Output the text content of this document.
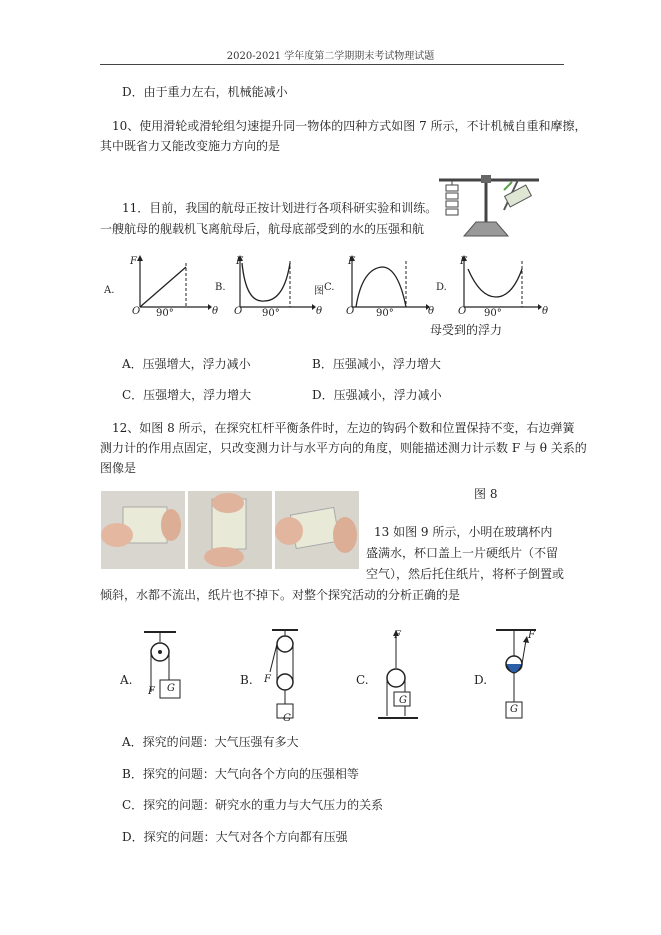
2020-2021 学年度第二学期期末考试物理试题
D．由于重力左右，机械能减小
10、使用滑轮或滑轮组匀速提升同一物体的四种方式如图 7 所示，不计机械自重和摩擦，
其中既省力又能改变施力方向的是
11．目前，我国的航母正按计划进行各项科研实验和训练。
一艘航母的舰载机飞离航母后，航母底部受到的水的压强和航
A.
F
O 90°	θ
B.
F
O 90°	θ
图 C.
F
O 90°	θ
D.
F
O 90°	θ
母受到的浮力
A．压强增大，浮力减小	B．压强减小，浮力增大
C．压强增大，浮力增大	D．压强减小，浮力减小
12、如图 8 所示，在探究杠杆平衡条件时，左边的钩码个数和位置保持不变，右边弹簧
测力计的作用点固定，只改变测力计与水平方向的角度，则能描述测力计示数 F 与 θ 关系的
图像是
图 8
13 如图 9 所示，小明在玻璃杯内
盛满水，杯口盖上一片硬纸片（不留
空气），然后托住纸片，将杯子倒置或
倾斜，水都不流出，纸片也不掉下。对整个探究活动的分析正确的是
A.
F G
B. F
G
C.
F
G
D.
F
G
A．探究的问题：大气压强有多大
B．探究的问题：大气向各个方向的压强相等
C．探究的问题：研究水的重力与大气压力的关系
D．探究的问题：大气对各个方向都有压强
